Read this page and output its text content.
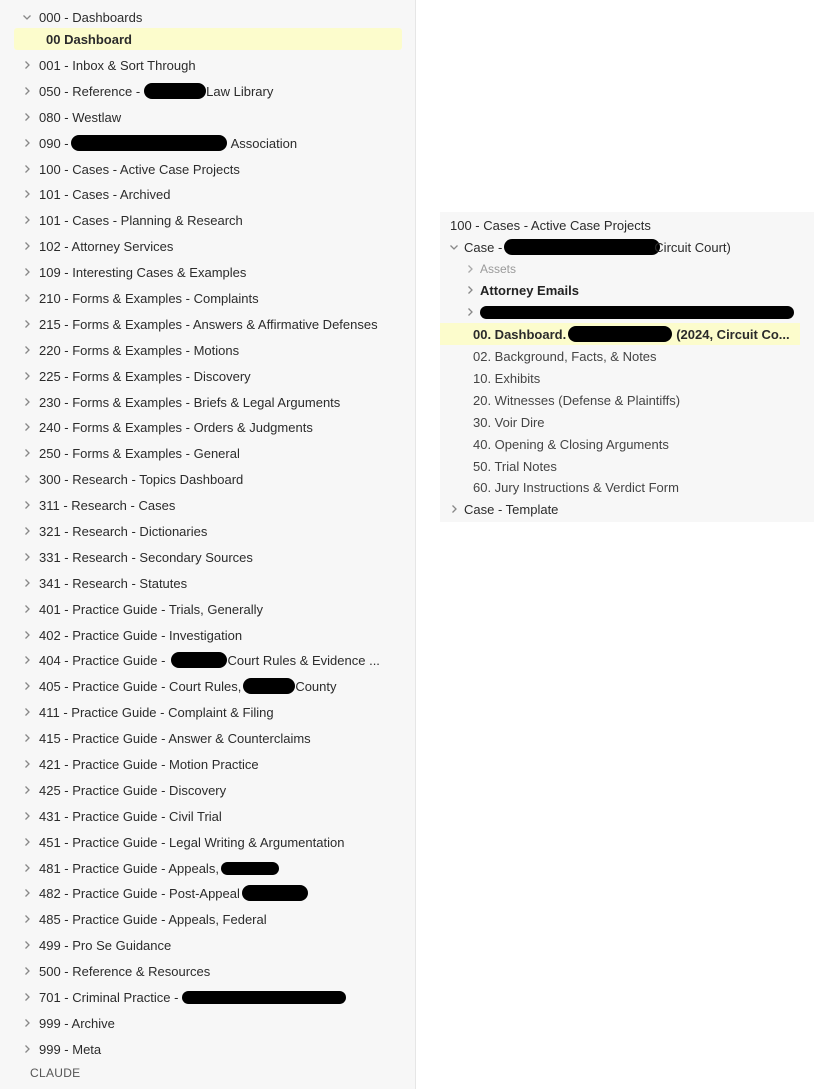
000 - Dashboards
00 Dashboard
001 - Inbox & Sort Through
050 - Reference -	Law Library
080 - Westlaw
090 -	Association
100 - Cases - Active Case Projects
101 - Cases - Archived
101 - Cases - Planning & Research
102 - Attorney Services
109 - Interesting Cases & Examples
210 - Forms & Examples - Complaints
215 - Forms & Examples - Answers & Affirmative Defenses
220 - Forms & Examples - Motions
225 - Forms & Examples - Discovery
230 - Forms & Examples - Briefs & Legal Arguments
240 - Forms & Examples - Orders & Judgments
250 - Forms & Examples - General
300 - Research - Topics Dashboard
311 - Research - Cases
321 - Research - Dictionaries
331 - Research - Secondary Sources
341 - Research - Statutes
401 - Practice Guide - Trials, Generally
402 - Practice Guide - Investigation
404 - Practice Guide -	Court Rules & Evidence ...
405 - Practice Guide - Court Rules,	County
411 - Practice Guide - Complaint & Filing
415 - Practice Guide - Answer & Counterclaims
421 - Practice Guide - Motion Practice
425 - Practice Guide - Discovery
431 - Practice Guide - Civil Trial
451 - Practice Guide - Legal Writing & Argumentation
481 - Practice Guide - Appeals,
482 - Practice Guide - Post-Appeal
485 - Practice Guide - Appeals, Federal
499 - Pro Se Guidance
500 - Reference & Resources
701 - Criminal Practice -
999 - Archive
999 - Meta
CLAUDE
100 - Cases - Active Case Projects
Case -	Circuit Court)
Assets
Attorney Emails
00. Dashboard.	(2024, Circuit Co...
02. Background, Facts, & Notes
10. Exhibits
20. Witnesses (Defense & Plaintiffs)
30. Voir Dire
40. Opening & Closing Arguments
50. Trial Notes
60. Jury Instructions & Verdict Form
Case - Template
